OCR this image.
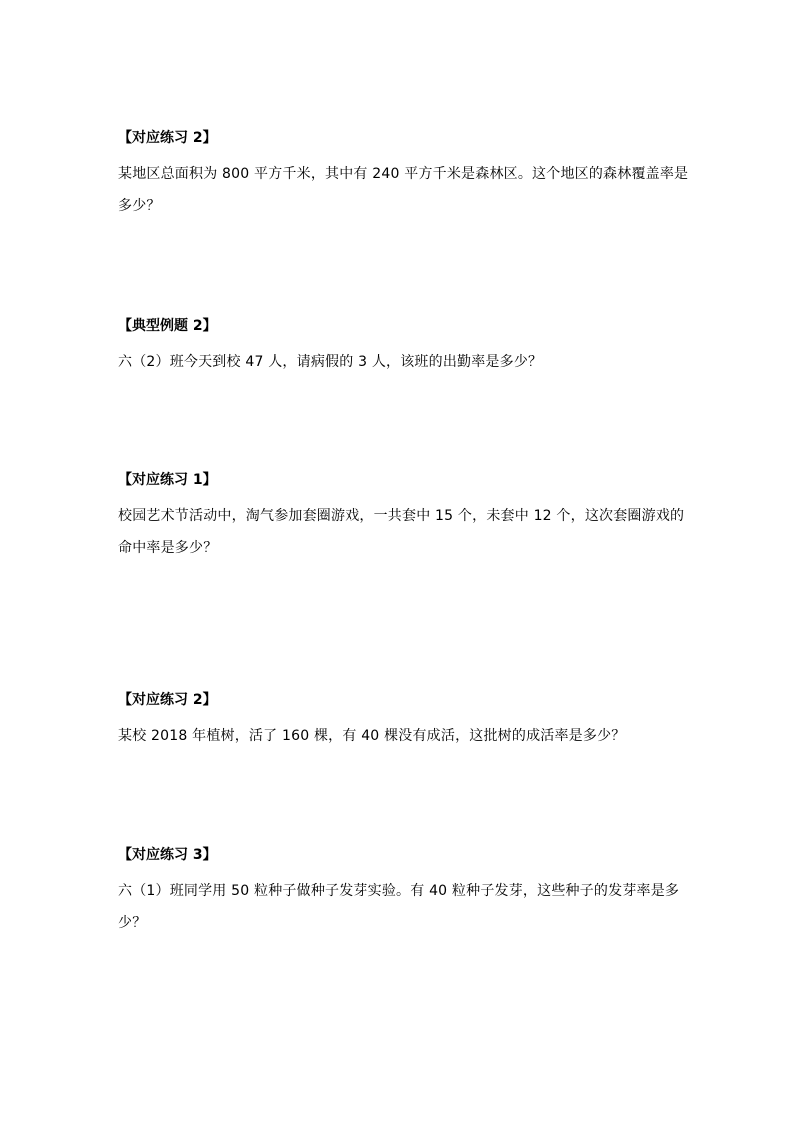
【对应练习 2】
某地区总面积为 800 平方千米，其中有 240 平方千米是森林区。这个地区的森林覆盖率是多少？
【典型例题 2】
六（2）班今天到校 47 人，请病假的 3 人，该班的出勤率是多少？
【对应练习 1】
校园艺术节活动中，淘气参加套圈游戏，一共套中 15 个，未套中 12 个，这次套圈游戏的命中率是多少？
【对应练习 2】
某校 2018 年植树，活了 160 棵，有 40 棵没有成活，这批树的成活率是多少？
【对应练习 3】
六（1）班同学用 50 粒种子做种子发芽实验。有 40 粒种子发芽，这些种子的发芽率是多少？
